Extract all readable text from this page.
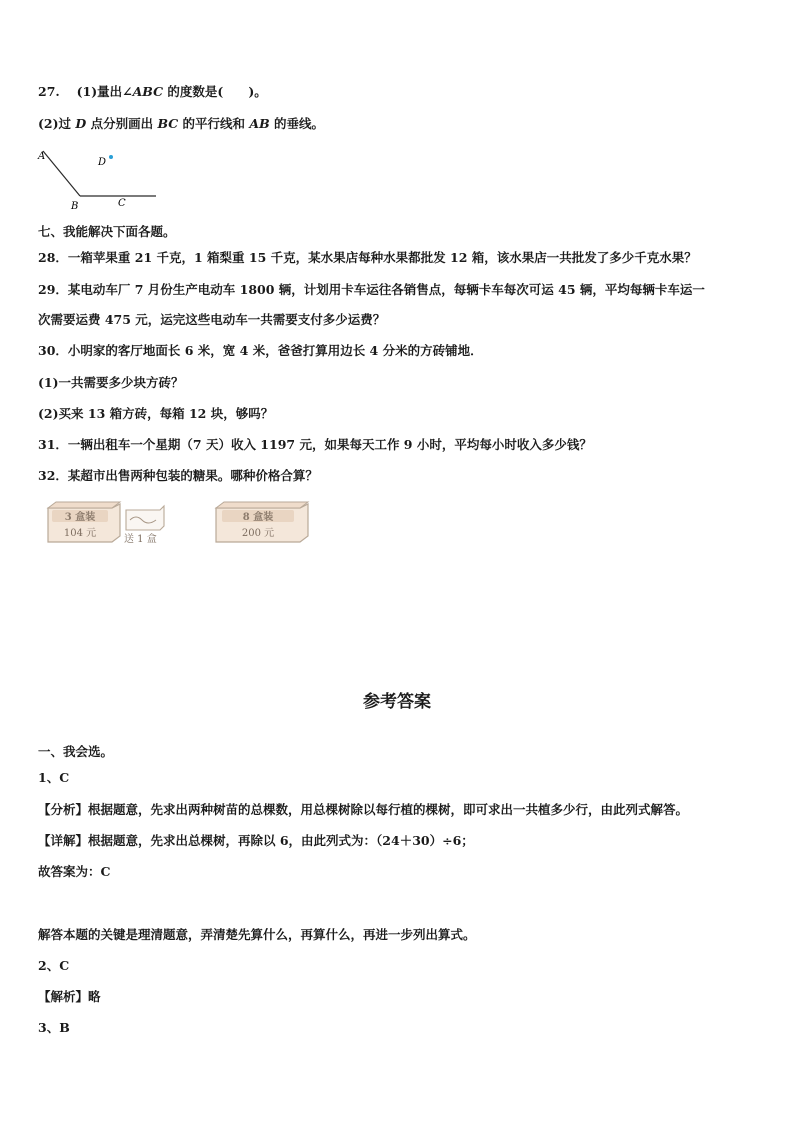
27.　 (1)量出∠ABC 的度数是(　　)。
(2)过 D 点分别画出 BC 的平行线和 AB 的垂线。
A
B	C
D
七、我能解决下面各题。
28．一箱苹果重 21 千克，1 箱梨重 15 千克，某水果店每种水果都批发 12 箱，该水果店一共批发了多少千克水果？
29．某电动车厂 7 月份生产电动车 1800 辆，计划用卡车运往各销售点，每辆卡车每次可运 45 辆，平均每辆卡车运一
次需要运费 475 元，运完这些电动车一共需要支付多少运费？
30．小明家的客厅地面长 6 米，宽 4 米，爸爸打算用边长 4 分米的方砖铺地．
(1)一共需要多少块方砖？
(2)买来 13 箱方砖，每箱 12 块，够吗？
31．一辆出租车一个星期（7 天）收入 1197 元，如果每天工作 9 小时，平均每小时收入多少钱？
32．某超市出售两种包装的糖果。哪种价格合算？
3 盒装
104 元
送 1 盒
8 盒装
200 元
参考答案
一、我会选。
1、C
【分析】根据题意，先求出两种树苗的总棵数，用总棵树除以每行植的棵树，即可求出一共植多少行，由此列式解答。
【详解】根据题意，先求出总棵树，再除以 6，由此列式为：（24＋30）÷6；
故答案为：C
解答本题的关键是理清题意，弄清楚先算什么，再算什么，再进一步列出算式。
2、C
【解析】略
3、B
